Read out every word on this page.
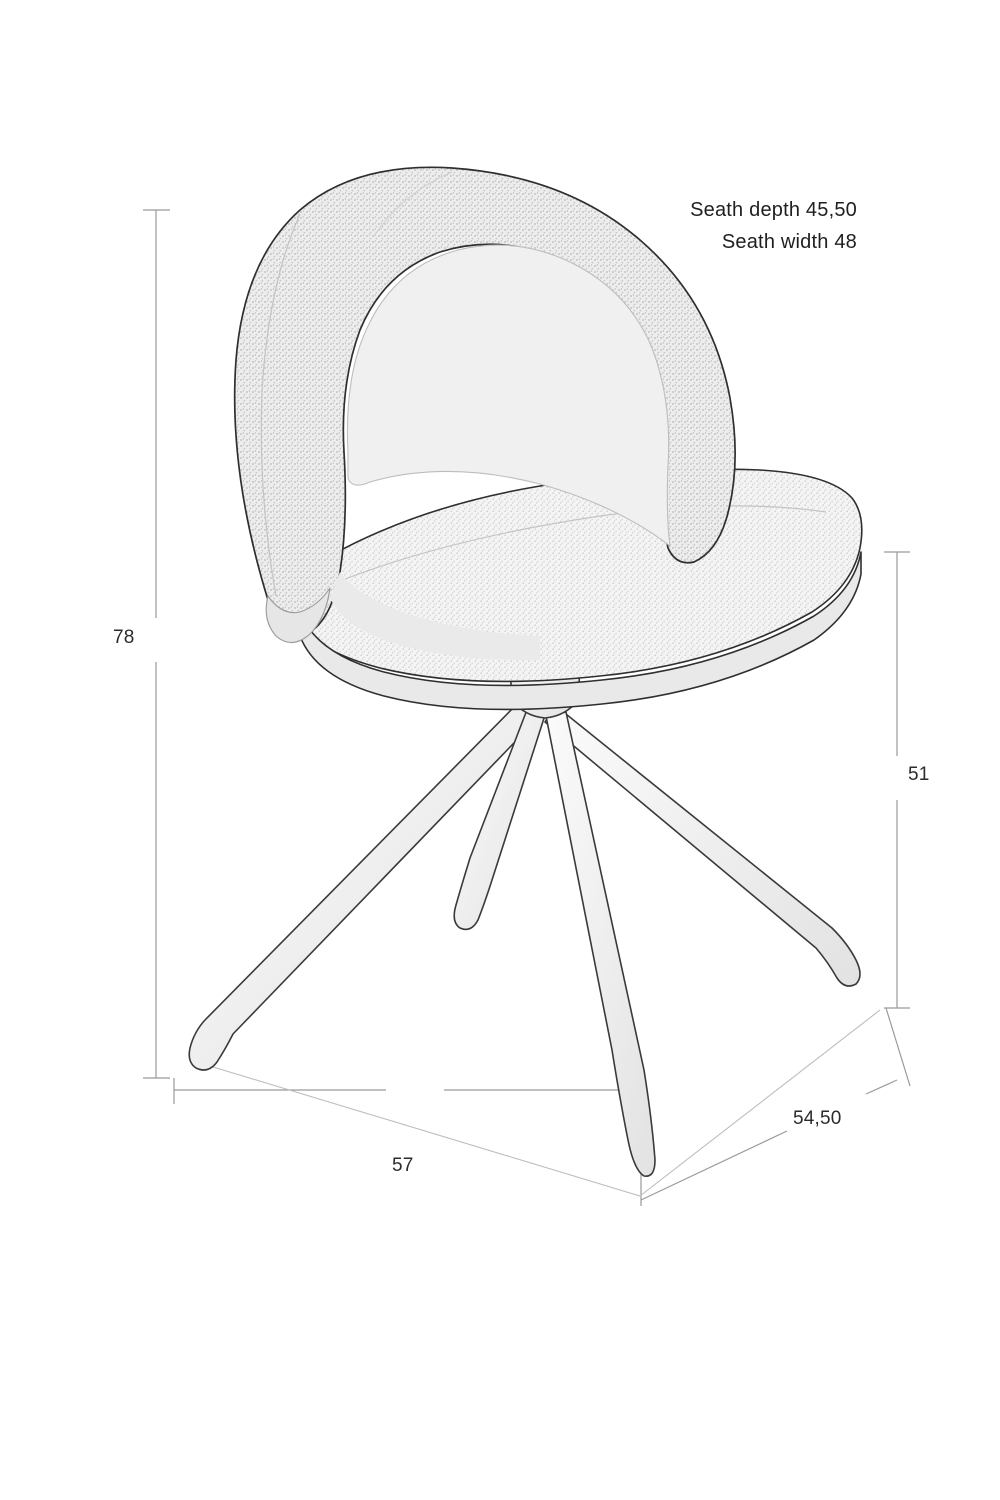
78
57
54,50
51
Seath depth 45,50
Seath width 48
